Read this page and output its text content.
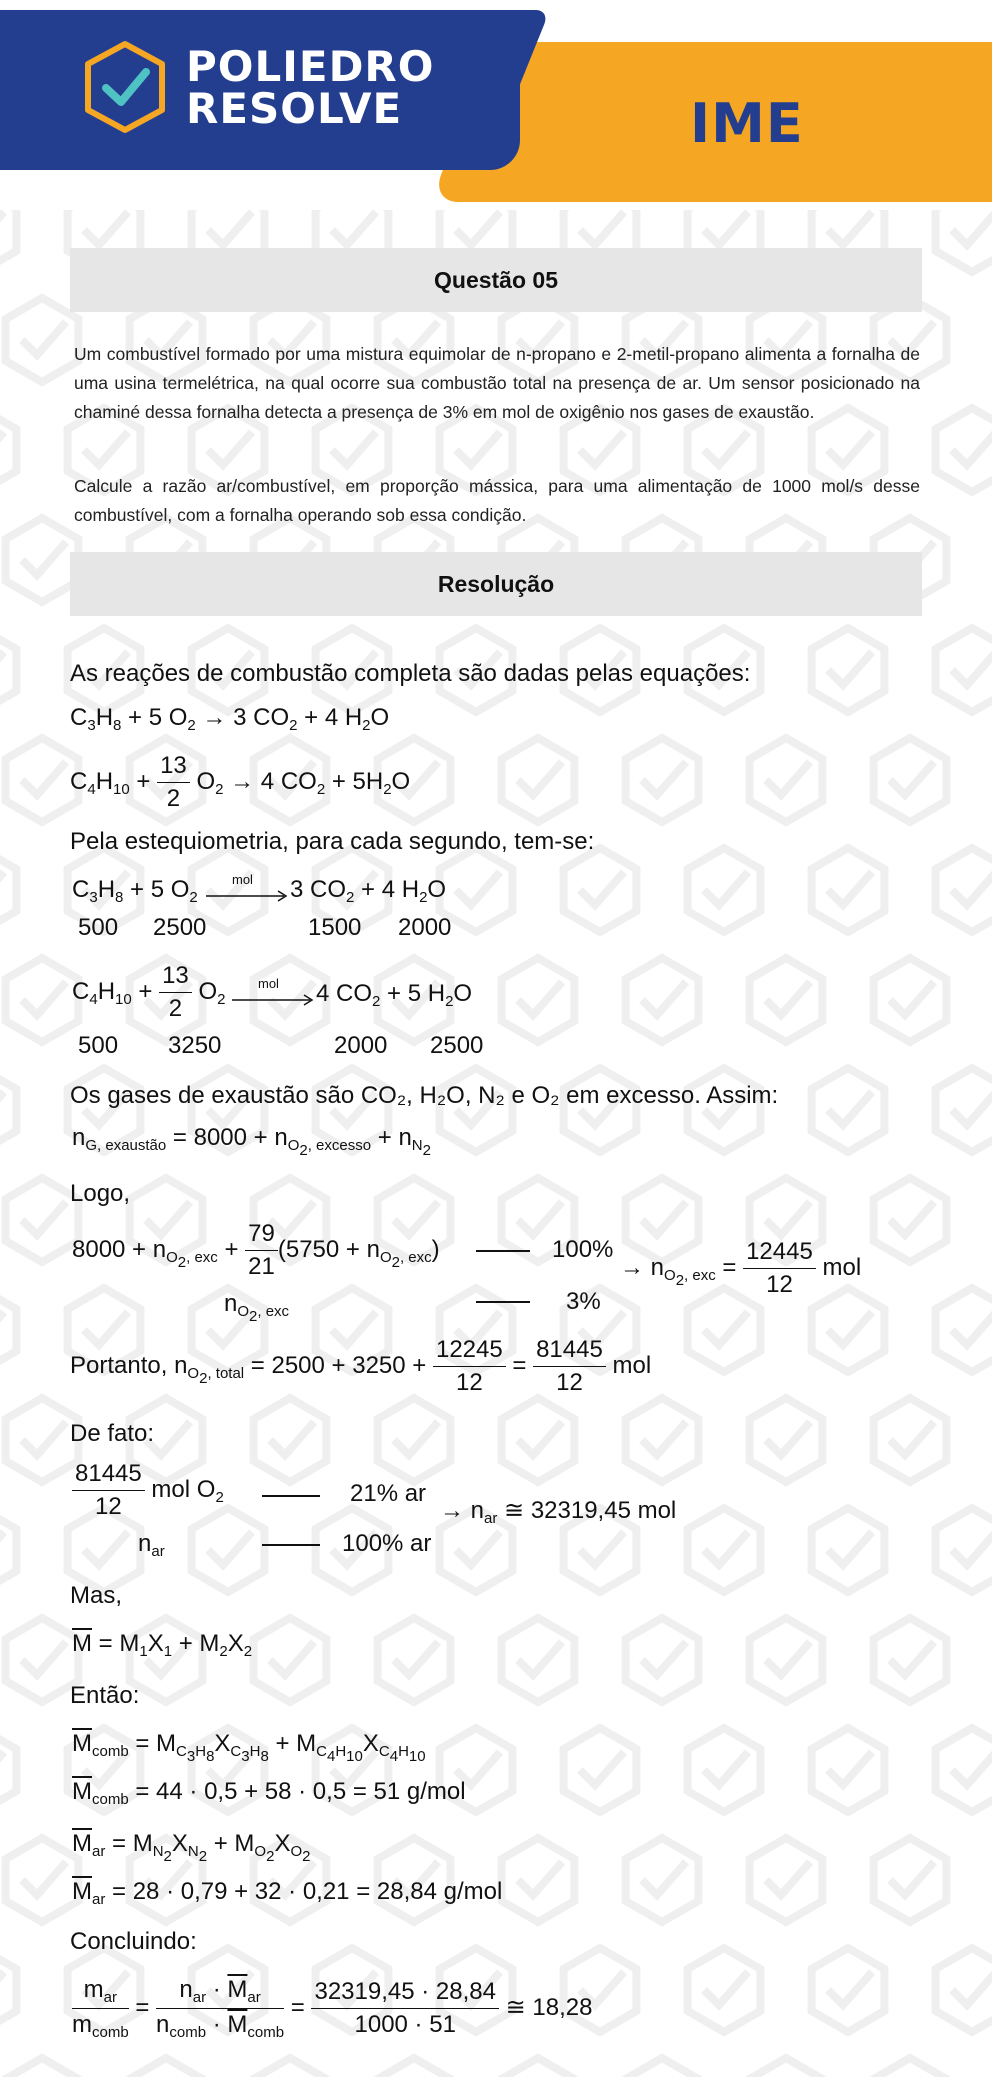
POLIEDRO
RESOLVE	IME
Questão 05
Um combustível formado por uma mistura equimolar de n-propano e 2-metil-propano alimenta a fornalha de uma usina termelétrica, na qual ocorre sua combustão total na presença de ar. Um sensor posicionado na chaminé dessa fornalha detecta a presença de 3% em mol de oxigênio nos gases de exaustão.
Calcule a razão ar/combustível, em proporção mássica, para uma alimentação de 1000 mol/s desse combustível, com a fornalha operando sob essa condição.
Resolução
As reações de combustão completa são dadas pelas equações:
$C_3H_8 + 5$ $O_2 \to 3$ $CO_2 + 4$ $H_2O$
$C_4H_{10} + \frac{13}{2} O_2 \to 4$ $CO_2 + 5H_2O$
Pela estequiometria, para cada segundo, tem-se:
$C_3H_8 + 5$ $O_2$
mol 3 $CO_2 + 4$ $H_2O$
500 2500	1500 2000
$C_4H_{10} + \frac{13}{2} O_2$
mol 4 $CO_2 + 5$ $H_2O$
500 3250	2000 2500
Os gases de exaustão são CO₂, H₂O, N₂ e O₂ em excesso. Assim:
$n_{G, exaustão} = 8000 + n_{O_2, excesso} + n_{N_2}$
Logo,
$8000 + n_{O_2, exc} + \frac{79}{21} (5750 + n_{O_2, exc})$
$n_{O_2, exc}$
100%
3%
→ $n_{O_2, exc} = \frac{12445}{12}$ mol
Portanto, $n_{O_2, total} = 2500 + 3250 + \frac{12245}{12} = \frac{81445}{12}$ mol
De fato:
$\frac{81445}{12}$ mol $O_2$
$n_{ar}$
21% ar
100% ar
→ $n_{ar}$ ≅ 32319,45 mol
Mas,
$\overline{M} = M_1X_1 + M_2X_2$
Então:
$\overline{M}_{comb} = M_{C_3H_8}X_{C_3H_8} + M_{C_4H_{10}}X_{C_4H_{10}}$
$\overline{M}_{comb} = 44 \cdot 0,5 + 58 \cdot 0,5 = 51$ g/mol
$\overline{M}_{ar} = M_{N_2}X_{N_2} + M_{O_2}X_{O_2}$
$\overline{M}_{ar} = 28 \cdot 0,79 + 32 \cdot 0,21 = 28,84$ g/mol
Concluindo:
$\frac{m_{ar}}{m_{comb}} = \frac{n_{ar} \cdot \overline{M}_{ar}}{n_{comb} \cdot \overline{M}_{comb}} = \frac{32319,45 \cdot 28,84}{1000 \cdot 51}$ ≅ 18,28
